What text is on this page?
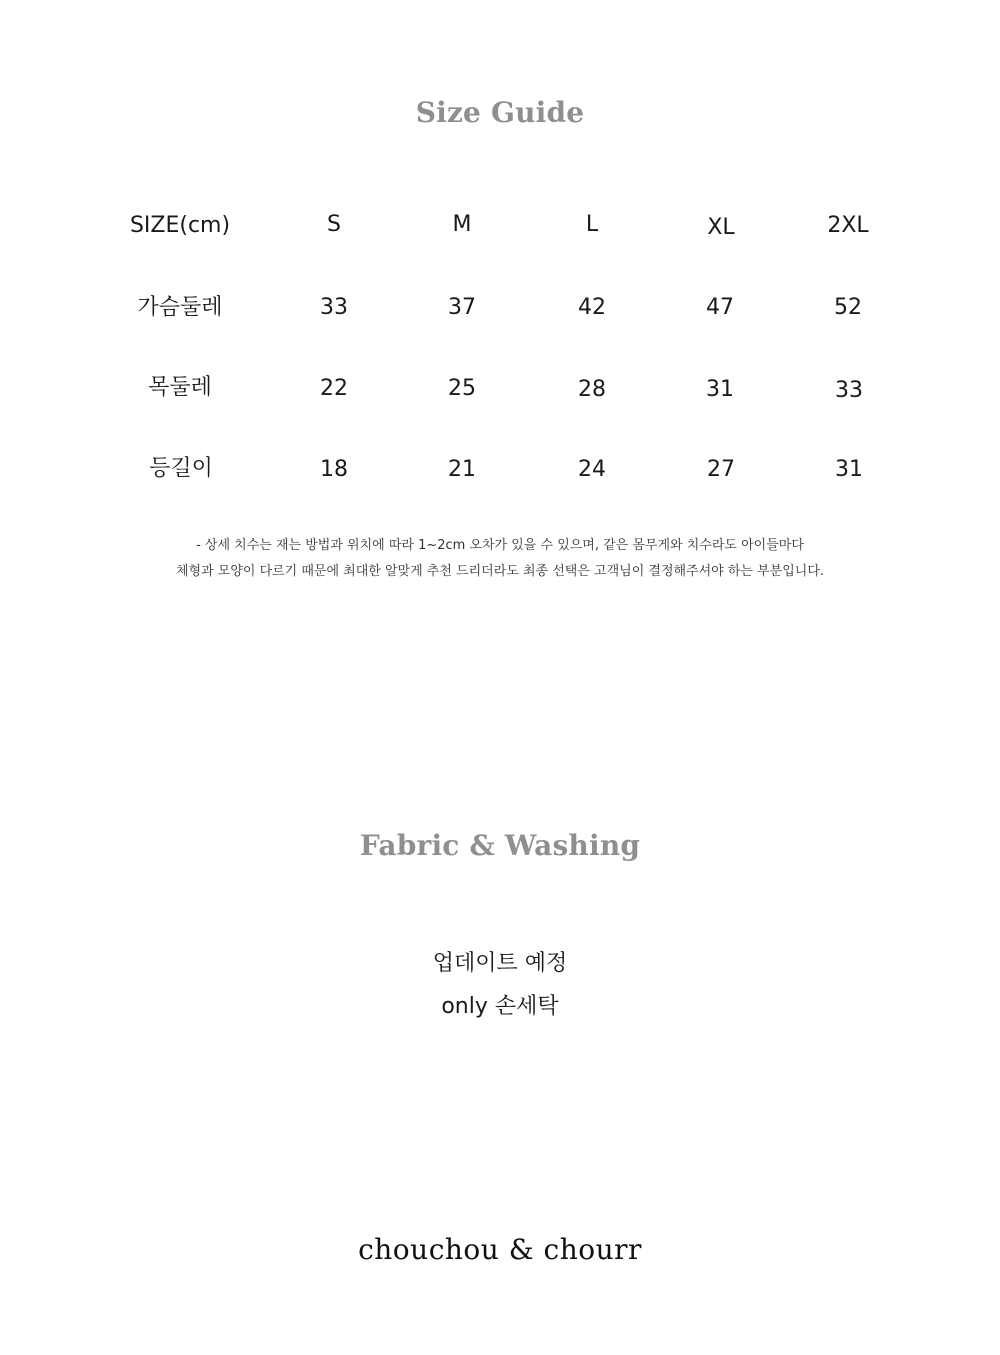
Size Guide
SIZE(cm)	S	M	L	XL	2XL
가슴둘레	33	37	42	47	52
목둘레	22	25	28	31	33
등길이	18	21	24	27	31
- 상세 치수는 재는 방법과 위치에 따라 1~2cm 오차가 있을 수 있으며, 같은 몸무게와 치수라도 아이들마다
체형과 모양이 다르기 때문에 최대한 알맞게 추천 드리더라도 최종 선택은 고객님이 결정해주셔야 하는 부분입니다.
Fabric & Washing
업데이트 예정
only 손세탁
chouchou & chourr
